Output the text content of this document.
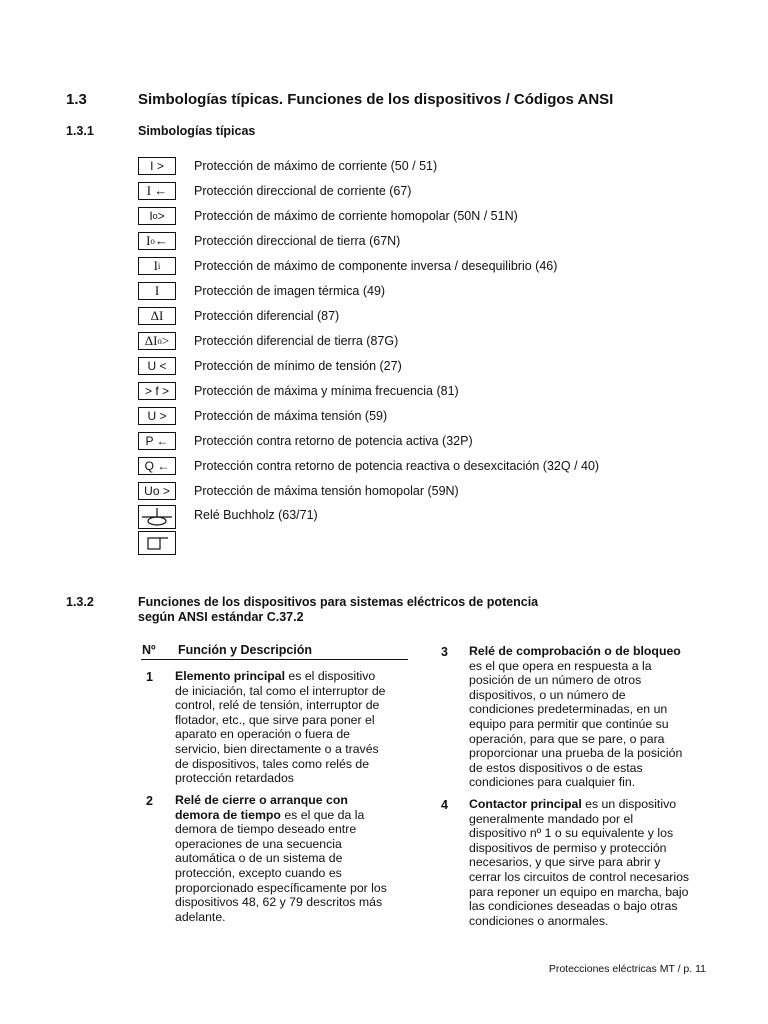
1.3	Simbologías típicas. Funciones de los dispositivos / Códigos ANSI
1.3.1	Simbologías típicas
I >	Protección de máximo de corriente (50 / 51)
I ←	Protección direccional de corriente (67)
I o > Protección de máximo de corriente homopolar (50N / 51N)
I o ← Protección direccional de tierra (67N)
I i	Protección de máximo de componente inversa / desequilibrio (46)
I	Protección de imagen térmica (49)
ΔI	Protección diferencial (87)
ΔI o > Protección diferencial de tierra (87G)
U <	Protección de mínimo de tensión (27)
> f >	Protección de máxima y mínima frecuencia (81)
U >	Protección de máxima tensión (59)
P ←	Protección contra retorno de potencia activa (32P)
Q ←	Protección contra retorno de potencia reactiva o desexcitación (32Q / 40)
Uo >	Protección de máxima tensión homopolar (59N)
Relé Buchholz (63/71)
1.3.2	Funciones de los dispositivos para sistemas eléctricos de potencia
según ANSI estándar C.37.2
Nº Función y Descripción
1 Elemento principal es el dispositivo
de iniciación, tal como el interruptor de
control, relé de tensión, interruptor de
flotador, etc., que sirve para poner el
aparato en operación o fuera de
servicio, bien directamente o a través
de dispositivos, tales como relés de
protección retardados
2 Relé de cierre o arranque con
demora de tiempo es el que da la
demora de tiempo deseado entre
operaciones de una secuencia
automática o de un sistema de
protección, excepto cuando es
proporcionado específicamente por los
dispositivos 48, 62 y 79 descritos más
adelante.
3 Relé de comprobación o de bloqueo
es el que opera en respuesta a la
posición de un número de otros
dispositivos, o un número de
condiciones predeterminadas, en un
equipo para permitir que continúe su
operación, para que se pare, o para
proporcionar una prueba de la posición
de estos dispositivos o de estas
condiciones para cualquier fin.
4 Contactor principal es un dispositivo
generalmente mandado por el
dispositivo nº 1 o su equivalente y los
dispositivos de permiso y protección
necesarios, y que sirve para abrir y
cerrar los circuitos de control necesarios
para reponer un equipo en marcha, bajo
las condiciones deseadas o bajo otras
condiciones o anormales.
Protecciones eléctricas MT / p. 11
